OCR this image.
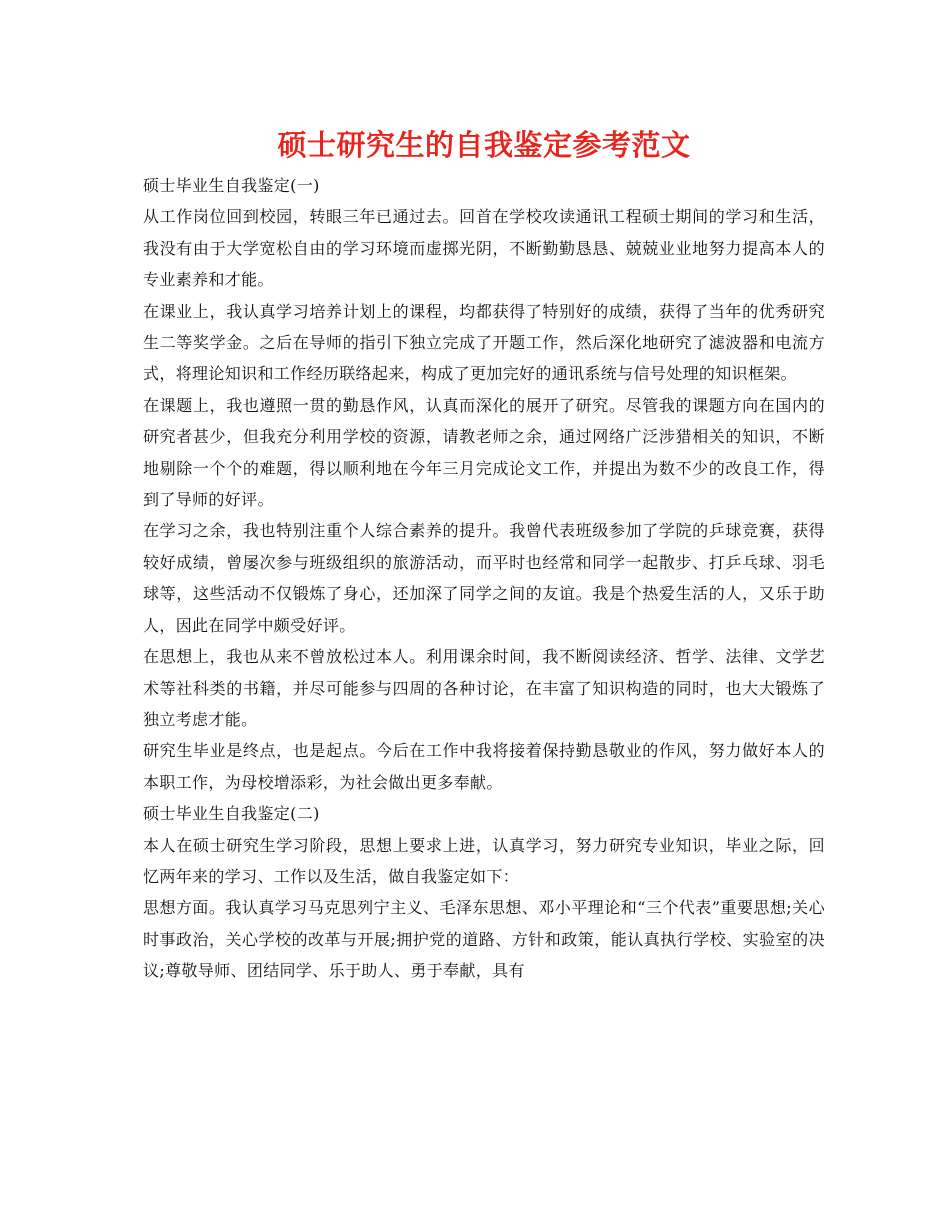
硕士研究生的自我鉴定参考范文

硕士毕业生自我鉴定(一)

从工作岗位回到校园，转眼三年已通过去。回首在学校攻读通讯工程硕士期间的学习和生活，我没有由于大学宽松自由的学习环境而虚掷光阴，不断勤勤恳恳、兢兢业业地努力提高本人的专业素养和才能。

在课业上，我认真学习培养计划上的课程，均都获得了特别好的成绩，获得了当年的优秀研究生二等奖学金。之后在导师的指引下独立完成了开题工作，然后深化地研究了滤波器和电流方式，将理论知识和工作经历联络起来，构成了更加完好的通讯系统与信号处理的知识框架。

在课题上，我也遵照一贯的勤恳作风，认真而深化的展开了研究。尽管我的课题方向在国内的研究者甚少，但我充分利用学校的资源，请教老师之余，通过网络广泛涉猎相关的知识，不断地剔除一个个的难题，得以顺利地在今年三月完成论文工作，并提出为数不少的改良工作，得到了导师的好评。

在学习之余，我也特别注重个人综合素养的提升。我曾代表班级参加了学院的乒球竞赛，获得较好成绩，曾屡次参与班级组织的旅游活动，而平时也经常和同学一起散步、打乒乓球、羽毛球等，这些活动不仅锻炼了身心，还加深了同学之间的友谊。我是个热爱生活的人，又乐于助人，因此在同学中颇受好评。

在思想上，我也从来不曾放松过本人。利用课余时间，我不断阅读经济、哲学、法律、文学艺术等社科类的书籍，并尽可能参与四周的各种讨论，在丰富了知识构造的同时，也大大锻炼了独立考虑才能。

研究生毕业是终点，也是起点。今后在工作中我将接着保持勤恳敬业的作风，努力做好本人的本职工作，为母校增添彩，为社会做出更多奉献。

硕士毕业生自我鉴定(二)

本人在硕士研究生学习阶段，思想上要求上进，认真学习，努力研究专业知识，毕业之际，回忆两年来的学习、工作以及生活，做自我鉴定如下：

思想方面。我认真学习马克思列宁主义、毛泽东思想、邓小平理论和“三个代表”重要思想;关心时事政治，关心学校的改革与开展;拥护党的道路、方针和政策，能认真执行学校、实验室的决议;尊敬导师、团结同学、乐于助人、勇于奉献，具有
